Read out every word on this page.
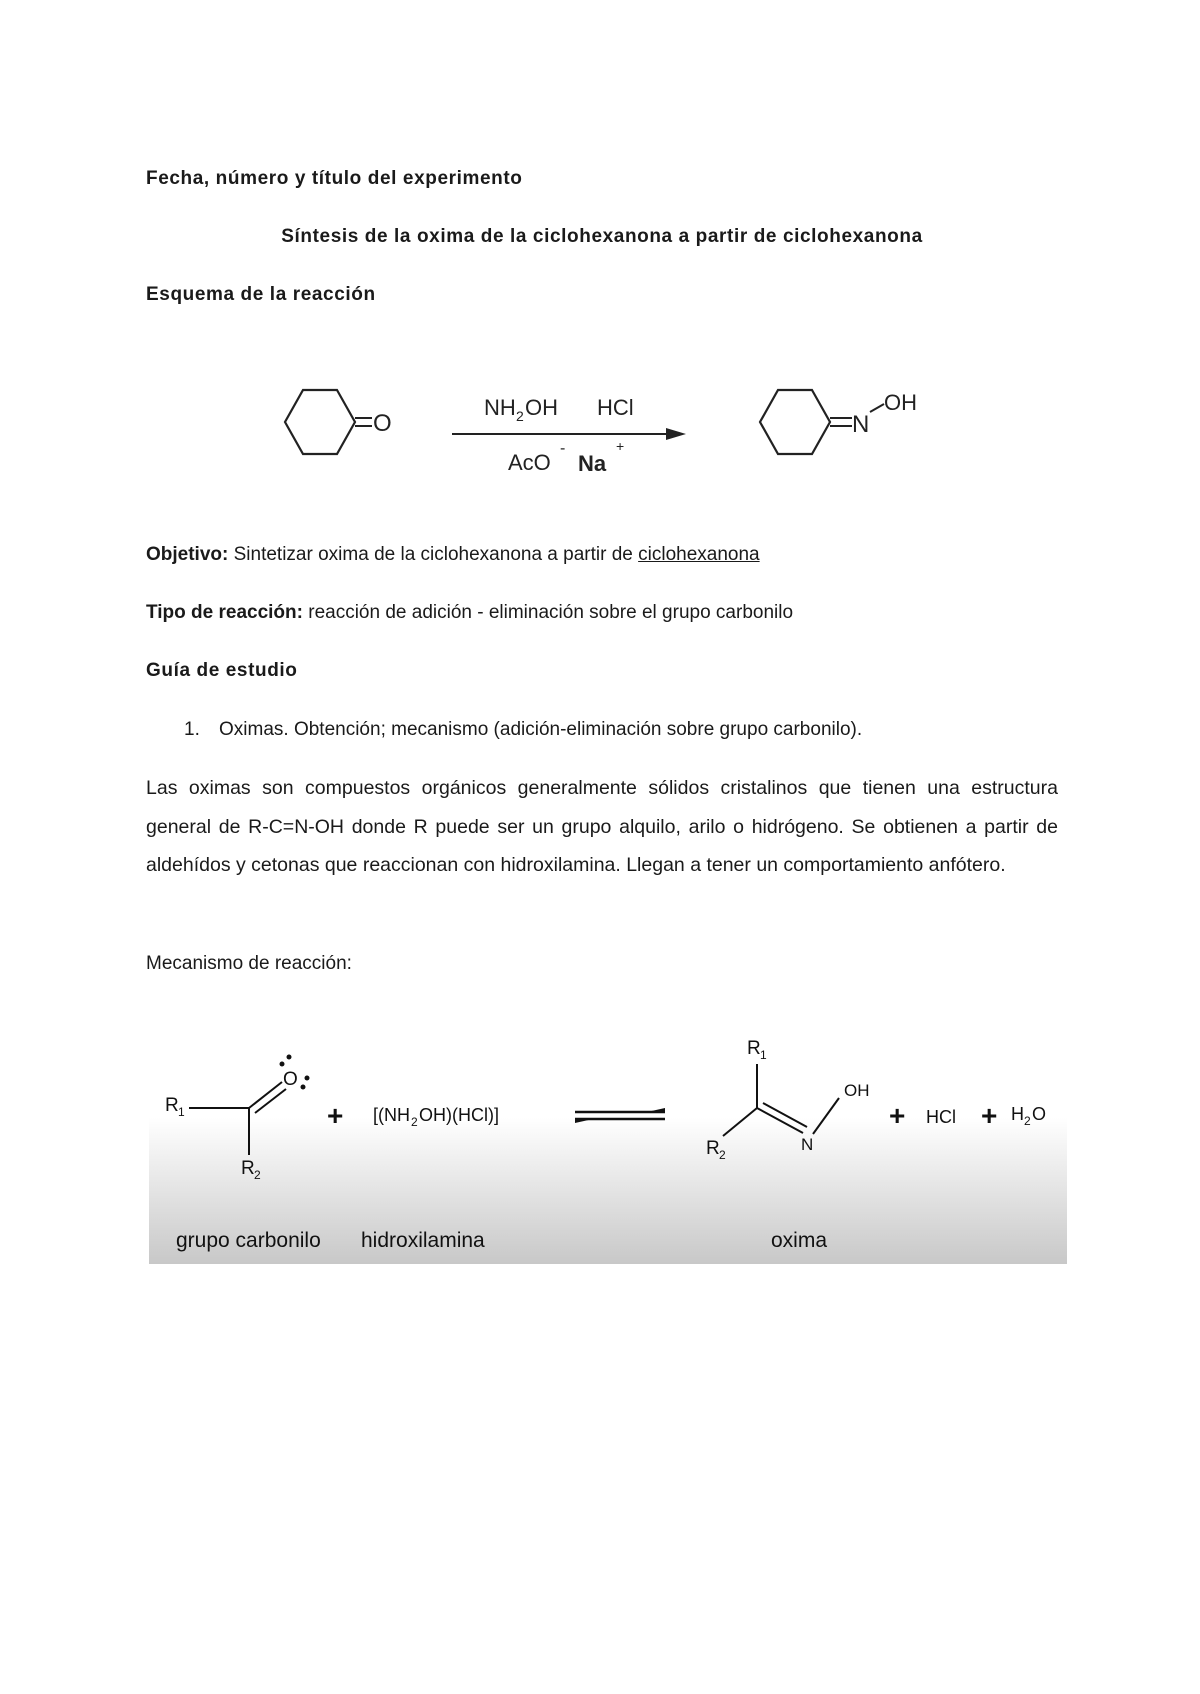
Fecha, número y título del experimento
Síntesis de la oxima de la ciclohexanona a partir de ciclohexanona
Esquema de la reacción
O
NH 2 OH HCl
AcO
-
Na
+
N
OH
Objetivo: Sintetizar oxima de la ciclohexanona a partir de ciclohexanona
Tipo de reacción: reacción de adición - eliminación sobre el grupo carbonilo
Guía de estudio
1. Oximas. Obtención; mecanismo (adición-eliminación sobre grupo carbonilo).
Las oximas son compuestos orgánicos generalmente sólidos cristalinos que tienen una estructura general de R-C=N-OH donde R puede ser un grupo alquilo, arilo o hidrógeno. Se obtienen a partir de aldehídos y cetonas que reaccionan con hidroxilamina. Llegan a tener un comportamiento anfótero.
Mecanismo de reacción:
R 1
O
R 2
+ [(NH 2 OH)(HCl)]
R 1
R 2
N
OH
+ HCl + H 2 O
grupo carbonilo hidroxilamina	oxima
